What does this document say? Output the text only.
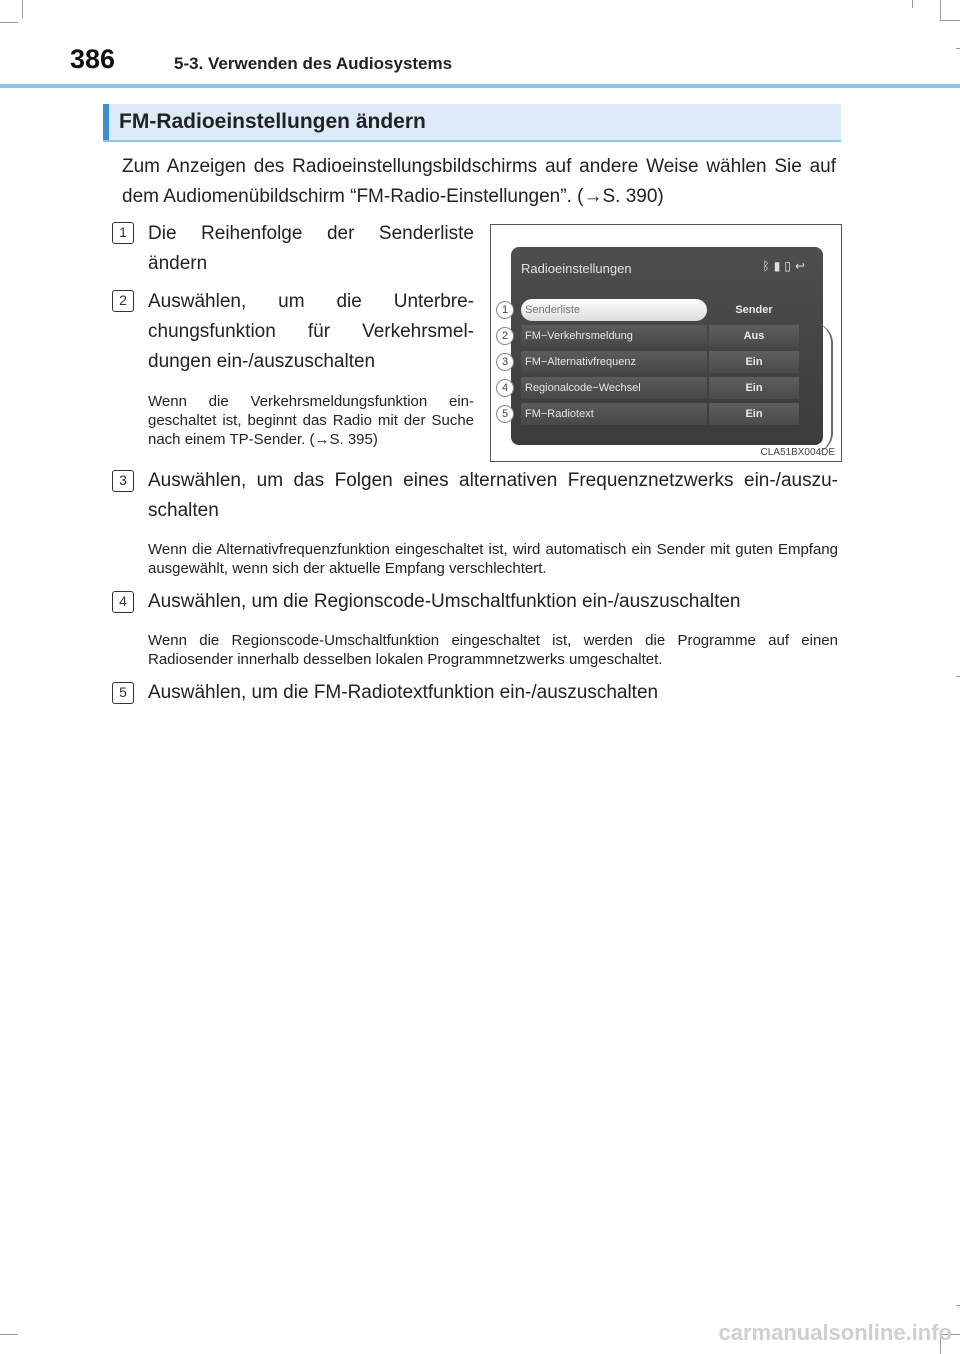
386	5-3. Verwenden des Audiosystems
FM-Radioeinstellungen ändern
Zum Anzeigen des Radioeinstellungsbildschirms auf andere Weise wählen Sie auf dem Audiomenübildschirm “FM-Radio-Einstellungen”. (→S. 390)
1	Die Reihenfolge der Senderliste ändern
2	Auswählen, um die Unterbre-chungsfunktion für Verkehrsmel-dungen ein-/auszuschalten
Wenn die Verkehrsmeldungsfunktion ein-geschaltet ist, beginnt das Radio mit der Suche nach einem TP-Sender. (→S. 395)
Radioeinstellungen	ᛒ▮▯↩
Senderliste	Sender
FM−Verkehrsmeldung	Aus
FM−Alternativfrequenz	Ein
Regionalcode−Wechsel	Ein
FM−Radiotext	Ein
1
2
3
4
5
CLA51BX004DE
3	Auswählen, um das Folgen eines alternativen Frequenznetzwerks ein-/auszu-schalten
Wenn die Alternativfrequenzfunktion eingeschaltet ist, wird automatisch ein Sender mit guten Empfang ausgewählt, wenn sich der aktuelle Empfang verschlechtert.
4	Auswählen, um die Regionscode-Umschaltfunktion ein-/auszuschalten
Wenn die Regionscode-Umschaltfunktion eingeschaltet ist, werden die Programme auf einen Radiosender innerhalb desselben lokalen Programmnetzwerks umgeschaltet.
5	Auswählen, um die FM-Radiotextfunktion ein-/auszuschalten
carmanualsonline.info
